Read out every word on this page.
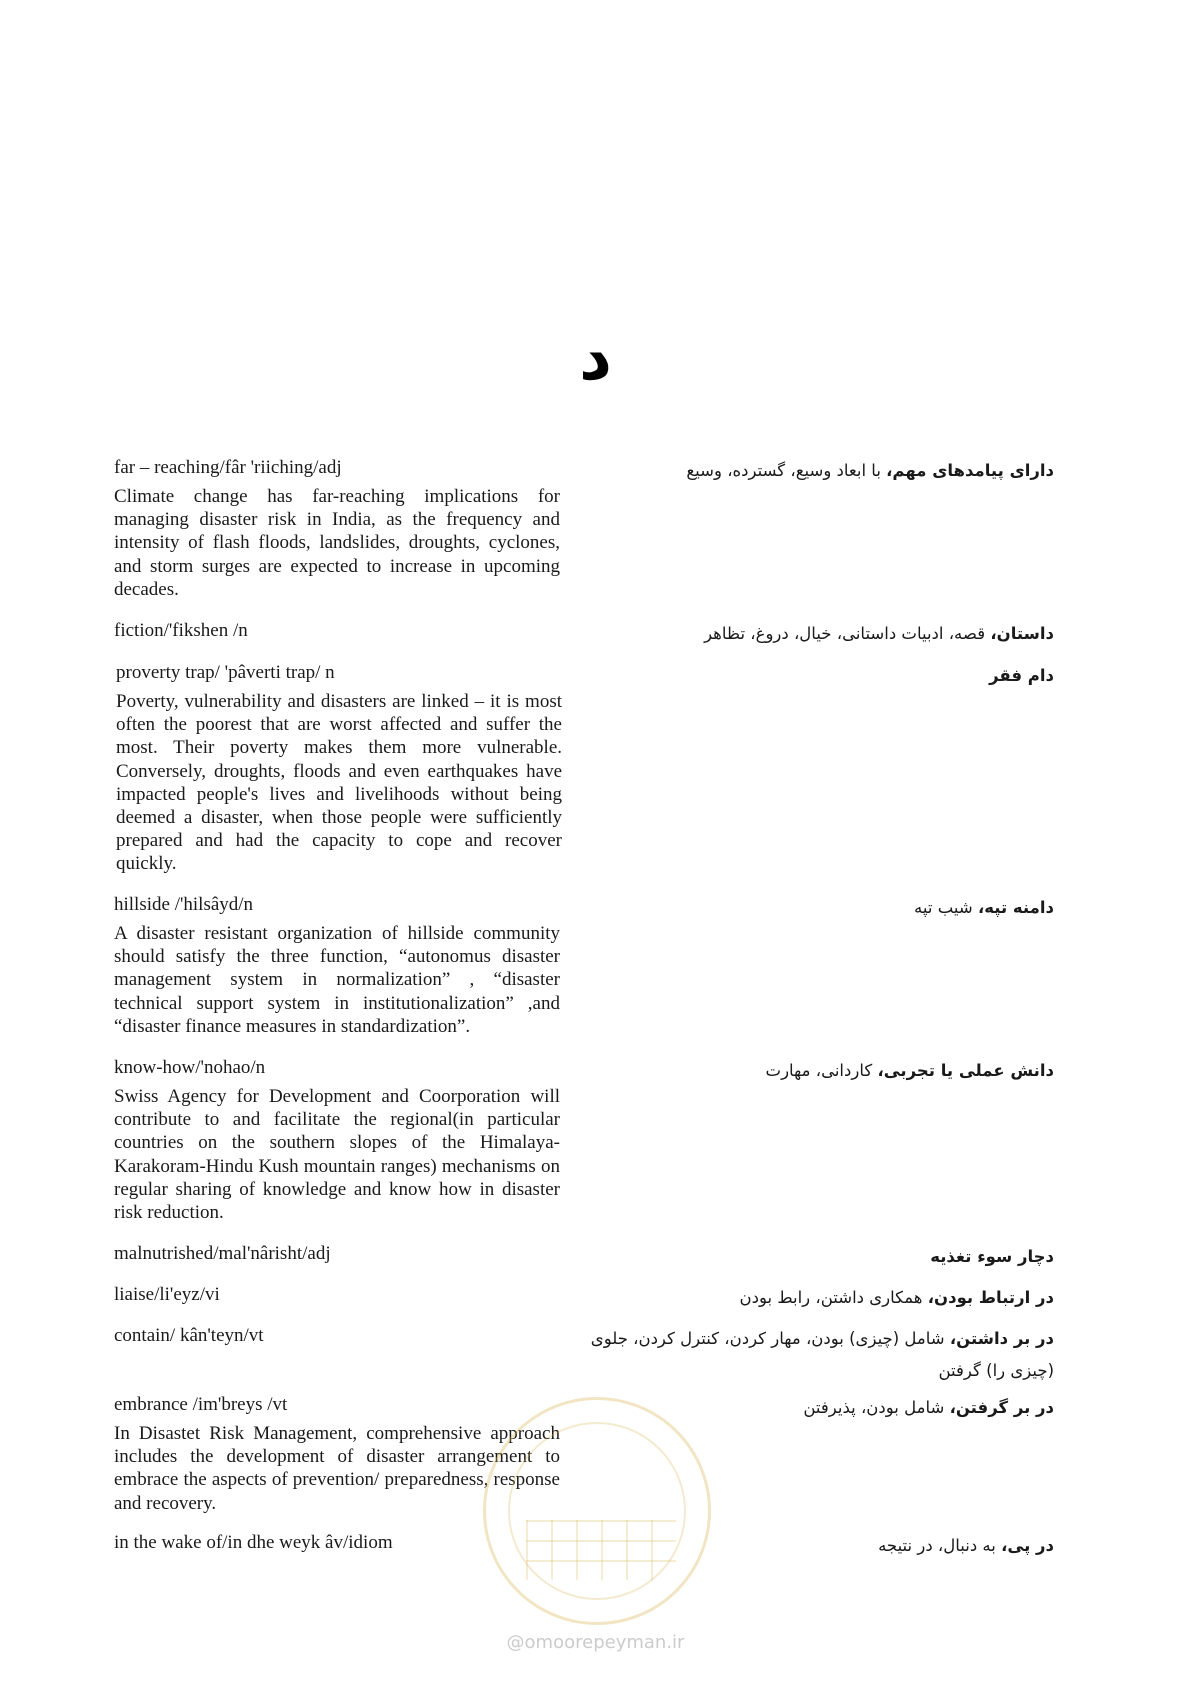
د
far – reaching/fâr 'riiching/adj	دارای پیامدهای مهم، با ابعاد وسیع، گسترده، وسیع

Climate change has far-reaching implications for managing disaster risk in India, as the frequency and intensity of flash floods, landslides, droughts, cyclones, and storm surges are expected to increase in upcoming decades.

fiction/'fikshen /n	داستان، قصه، ادبیات داستانی، خیال، دروغ، تظاهر
proverty trap/ 'pâverti trap/ n	دام فقر

Poverty, vulnerability and disasters are linked – it is most often the poorest that are worst affected and suffer the most. Their poverty makes them more vulnerable. Conversely, droughts, floods and even earthquakes have impacted people's lives and livelihoods without being deemed a disaster, when those people were sufficiently prepared and had the capacity to cope and recover quickly.

hillside /'hilsâyd/n	دامنه تپه، شیب تپه

A disaster resistant organization of hillside community should satisfy the three function, “autonomus disaster management system in normalization” , “disaster technical support system in institutionalization” ,and “disaster finance measures in standardization”.

know-how/'nohao/n	دانش عملی یا تجربی، کاردانی، مهارت

Swiss Agency for Development and Coorporation will contribute to and facilitate the regional(in particular countries on the southern slopes of the Himalaya-Karakoram-Hindu Kush mountain ranges) mechanisms on regular sharing of knowledge and know how in disaster risk reduction.

malnutrished/mal'nârisht/adj	دچار سوء تغذیه
liaise/li'eyz/vi	در ارتباط بودن، همکاری داشتن، رابط بودن
contain/ kân'teyn/vt	در بر داشتن، شامل (چیزی) بودن، مهار کردن، کنترل کردن، جلوی (چیزی را) گرفتن
embrance /im'breys /vt	در بر گرفتن، شامل بودن، پذیرفتن

In Disastet Risk Management, comprehensive approach includes the development of disaster arrangement to embrace the aspects of prevention/ preparedness, response and recovery.

in the wake of/in dhe weyk âv/idiom	در پی، به دنبال، در نتیجه
@omoorepeyman.ir
